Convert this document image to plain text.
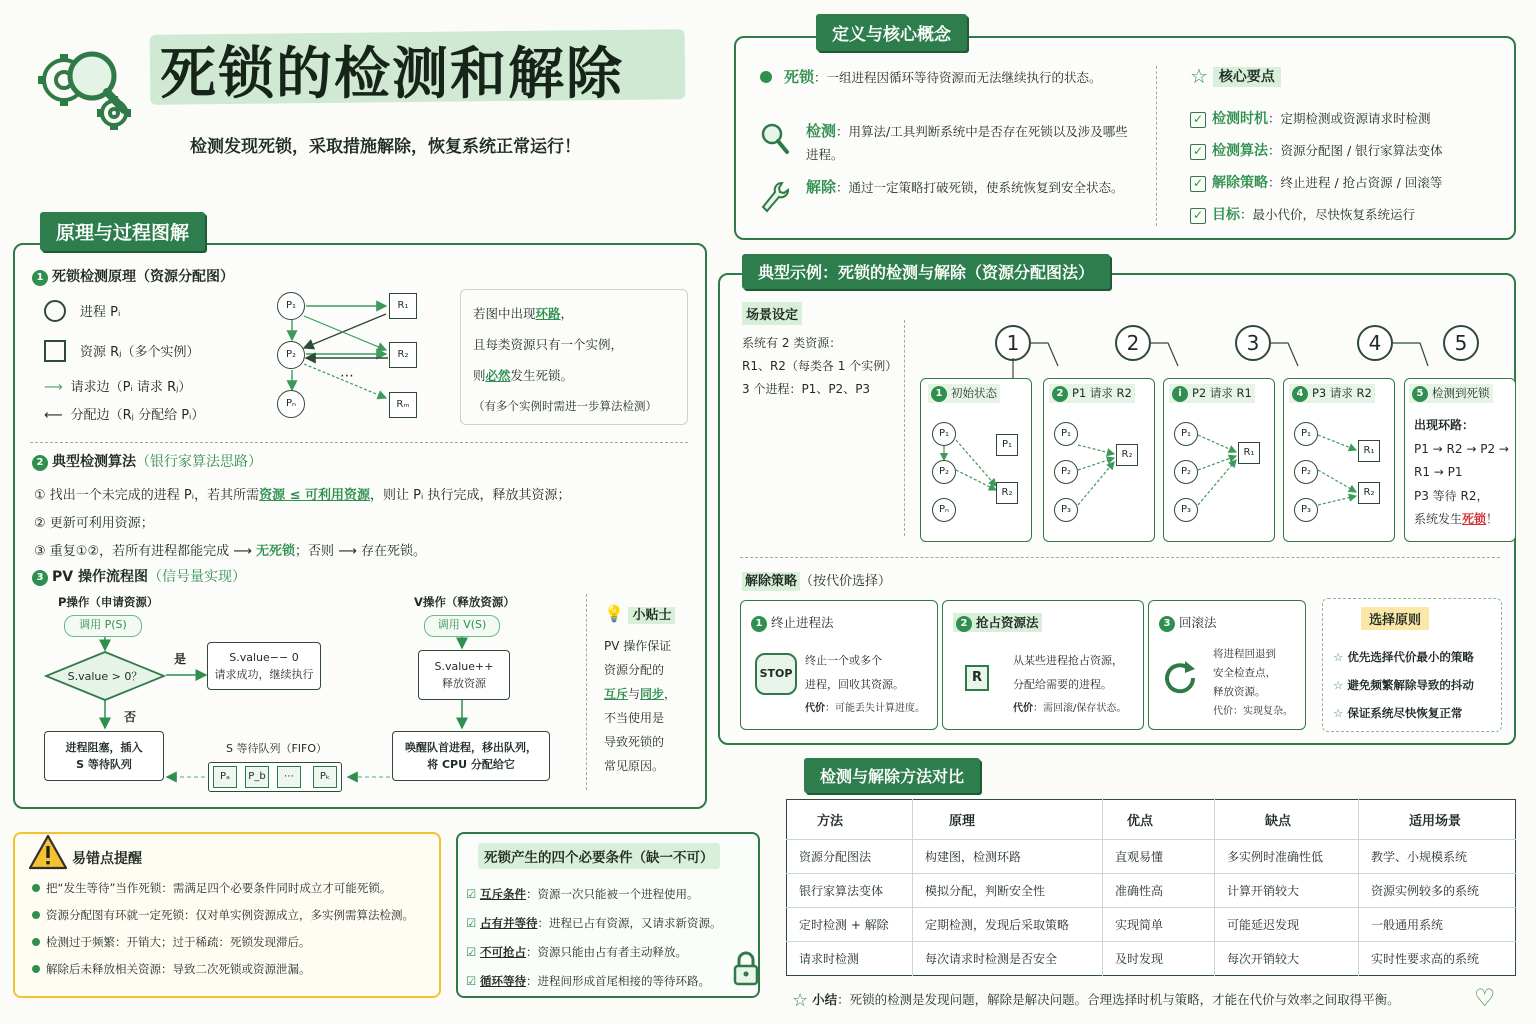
死锁的检测和解除
检测发现死锁，采取措施解除，恢复系统正常运行！
定义与核心概念
死锁：一组进程因循环等待资源而无法继续执行的状态。
检测：用算法/工具判断系统中是否存在死锁以及涉及哪些进程。
解除：通过一定策略打破死锁，使系统恢复到安全状态。
☆ 核心要点
✓ 检测时机：定期检测或资源请求时检测
✓ 检测算法：资源分配图 / 银行家算法变体
✓ 解除策略：终止进程 / 抢占资源 / 回滚等
✓ 目标：最小代价，尽快恢复系统运行
原理与过程图解
1 死锁检测原理（资源分配图）
进程 Pᵢ
资源 Rⱼ（多个实例）
⟶ 请求边（Pᵢ 请求 Rⱼ）
⟵ 分配边（Rⱼ 分配给 Pᵢ）
P₁
P₂
Pₙ
R₁
R₂
Rₘ
⋯
若图中出现环路，
且每类资源只有一个实例，
则必然发生死锁。
（有多个实例时需进一步算法检测）
2 典型检测算法（银行家算法思路）
① 找出一个未完成的进程 Pᵢ，若其所需资源 ≤ 可利用资源，则让 Pᵢ 执行完成，释放其资源；
② 更新可利用资源；
③ 重复①②，若所有进程都能完成 ⟶ 无死锁；否则 ⟶ 存在死锁。
3 PV 操作流程图（信号量实现）
P操作（申请资源）
调用 P(S)
S.value > 0？
是
否
S.value−− 0
请求成功，继续执行
进程阻塞，插入
S 等待队列
S 等待队列（FIFO）
Pₐ	P_b	⋯	Pₖ
V操作（释放资源）
调用 V(S)
S.value++
释放资源
唤醒队首进程，移出队列，
将 CPU 分配给它
💡 小贴士
PV 操作保证
资源分配的
互斥与同步，
不当使用是
导致死锁的
常见原因。
典型示例：死锁的检测与解除（资源分配图法）
场景设定
系统有 2 类资源：
R1、R2（每类各 1 个实例）
3 个进程：P1、P2、P3
1	2	3	4	5
1 初始状态	2 P1 请求 R2	i P2 请求 R1	4 P3 请求 R2	5 检测到死锁
P₁
P₂
Pₙ
P₁
R₂
P₁
P₂
P₃
R₂
P₁
P₂
P₃
R₁
P₁
P₂
P₃
R₁
R₂
出现环路：
P1 → R2 → P2 →
R1 → P1
P3 等待 R2，
系统发生死锁！
解除策略 （按代价选择）
1 终止进程法
STOP
终止一个或多个
进程，回收其资源。
代价：可能丢失计算进度。
2 抢占资源法
R
从某些进程抢占资源，
分配给需要的进程。
代价：需回滚/保存状态。
3 回滚法
将进程回退到
安全检查点，
释放资源。
代价：实现复杂。
选择原则
☆ 优先选择代价最小的策略
☆ 避免频繁解除导致的抖动
☆ 保证系统尽快恢复正常
检测与解除方法对比
方法	原理	优点	缺点	适用场景
资源分配图法	构建图，检测环路	直观易懂	多实例时准确性低	教学、小规模系统
银行家算法变体	模拟分配，判断安全性	准确性高	计算开销较大	资源实例较多的系统
定时检测 + 解除	定期检测，发现后采取策略	实现简单	可能延迟发现	一般通用系统
请求时检测	每次请求时检测是否安全	及时发现	每次开销较大	实时性要求高的系统
☆ 小结：死锁的检测是发现问题，解除是解决问题。合理选择时机与策略，才能在代价与效率之间取得平衡。	♡
易错点提醒
把“发生等待”当作死锁：需满足四个必要条件同时成立才可能死锁。
资源分配图有环就一定死锁：仅对单实例资源成立，多实例需算法检测。
检测过于频繁：开销大；过于稀疏：死锁发现滞后。
解除后未释放相关资源：导致二次死锁或资源泄漏。
死锁产生的四个必要条件（缺一不可）
☑ 互斥条件：资源一次只能被一个进程使用。
☑ 占有并等待：进程已占有资源，又请求新资源。
☑ 不可抢占：资源只能由占有者主动释放。
☑ 循环等待：进程间形成首尾相接的等待环路。
